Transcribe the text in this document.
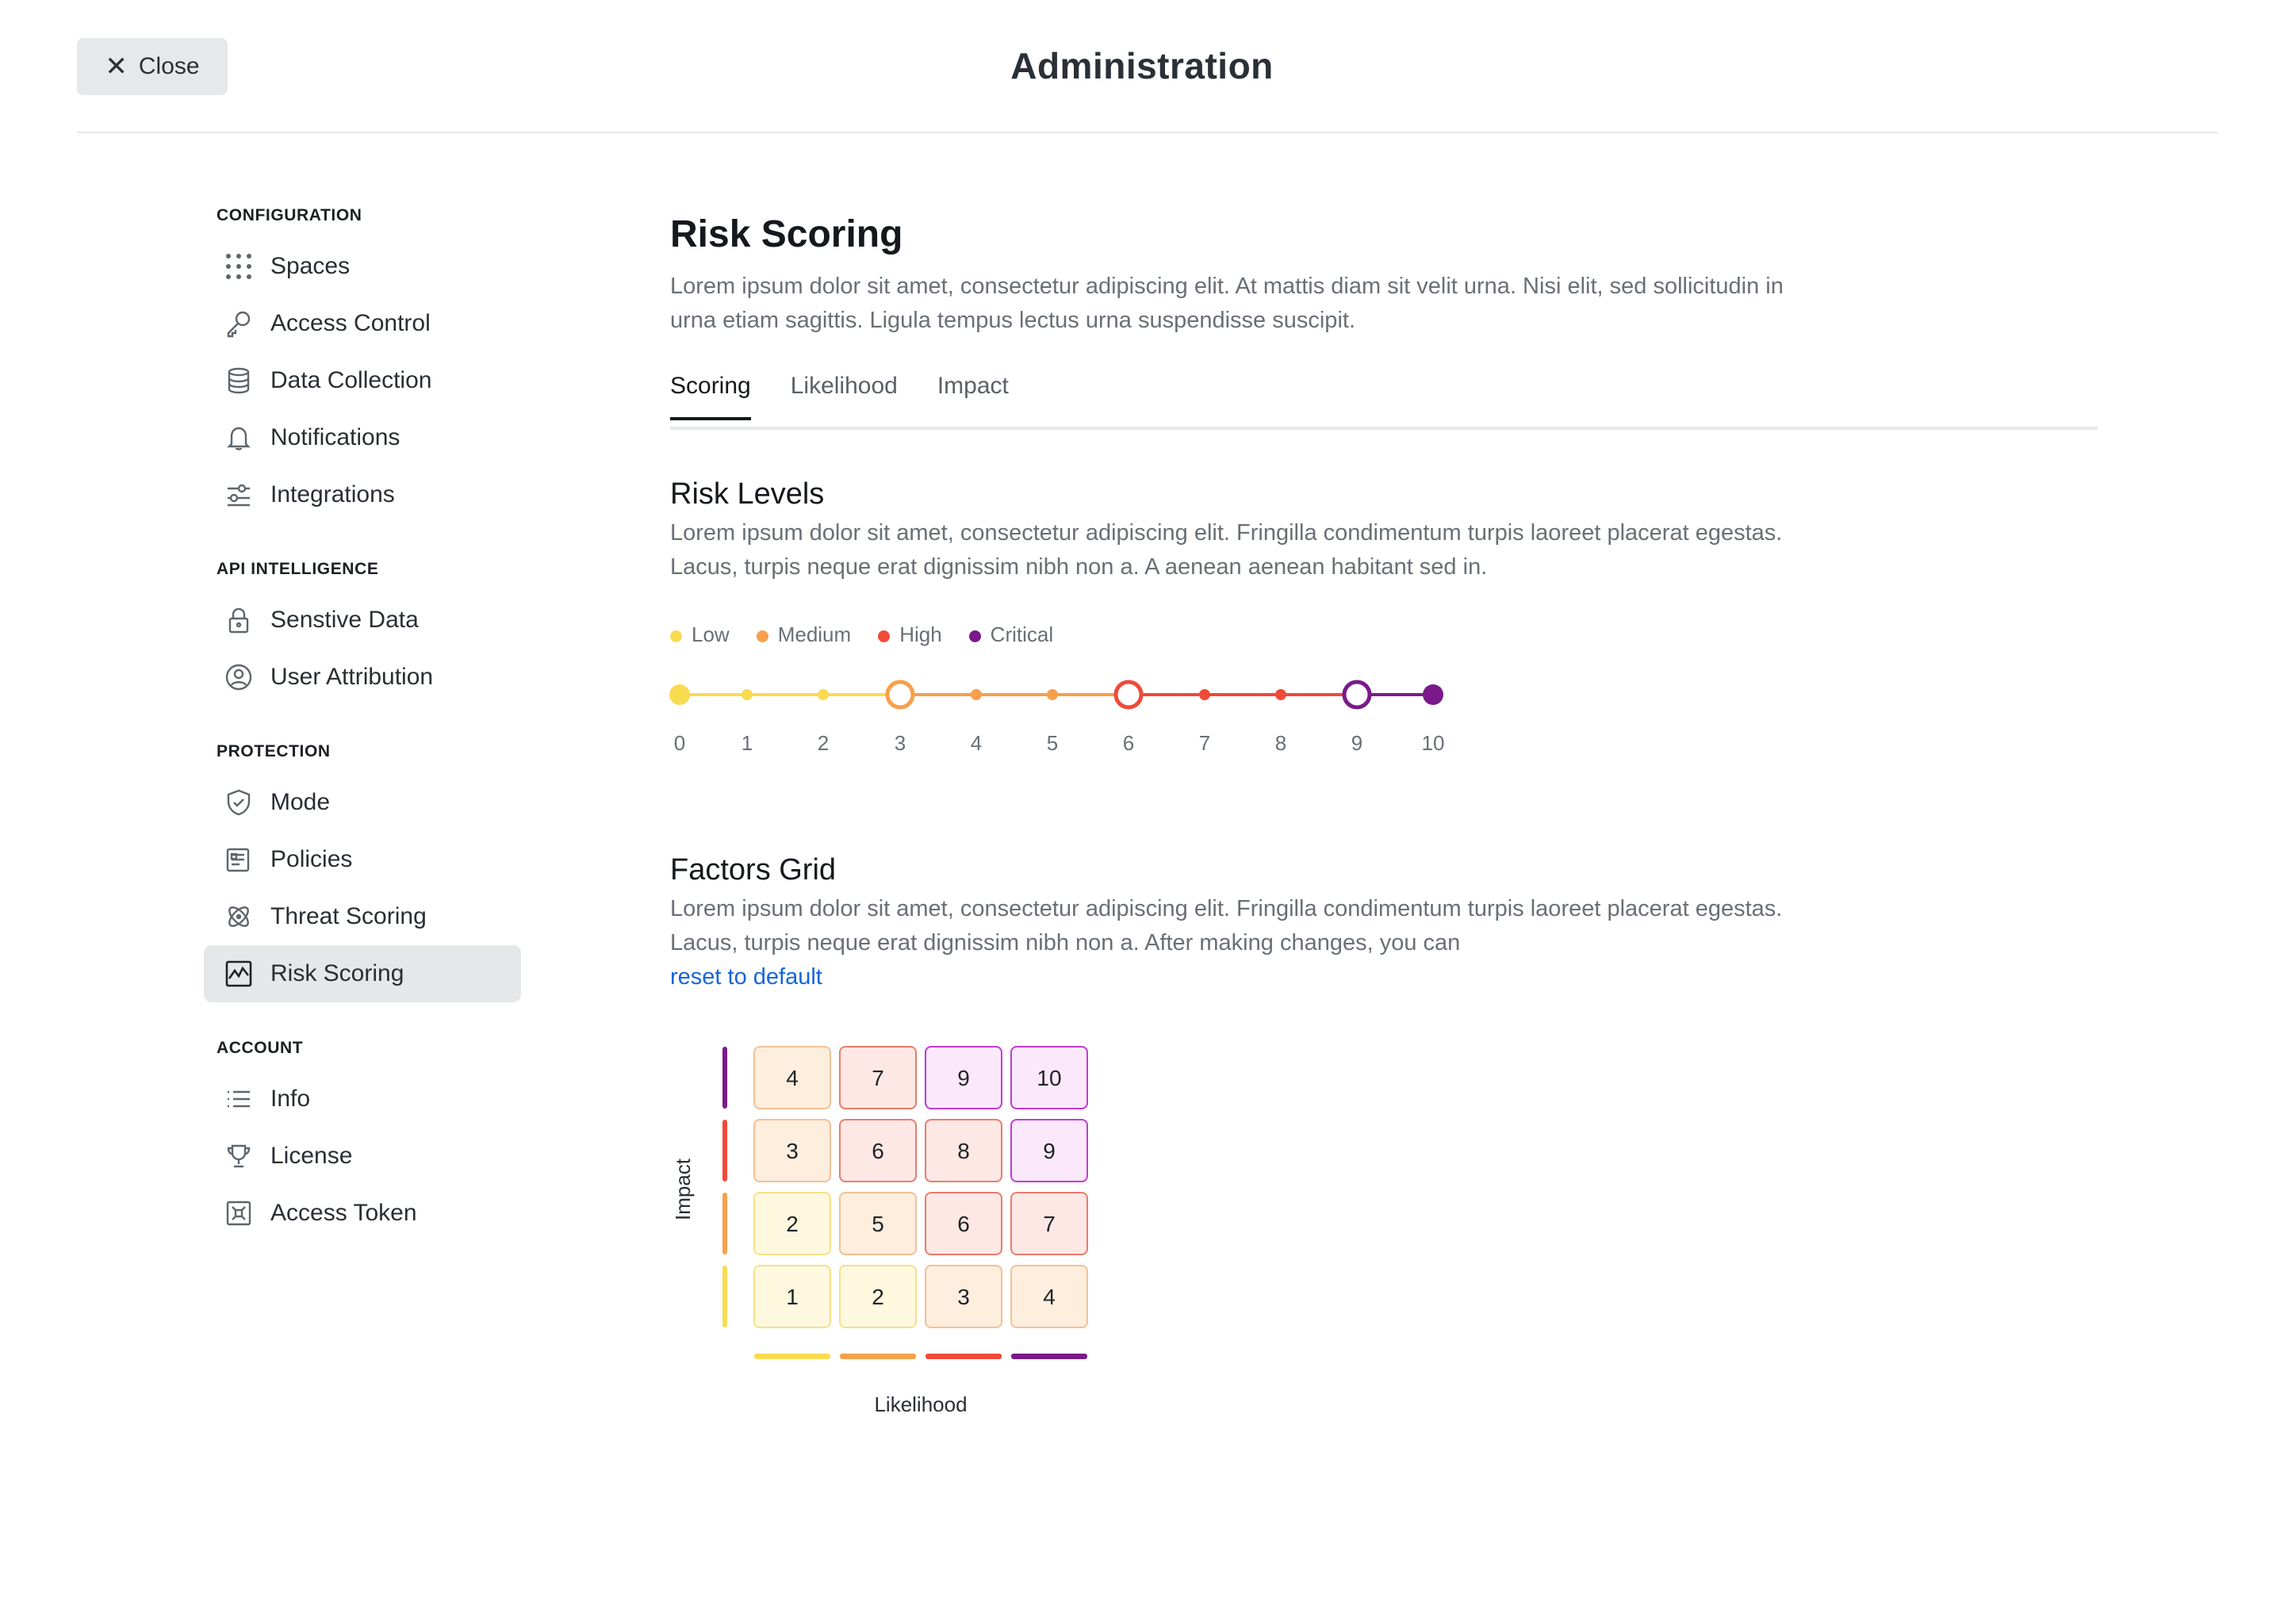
✕ Close	Administration
CONFIGURATION
Spaces
Access Control
Data Collection
Notifications
Integrations
API INTELLIGENCE
Senstive Data
User Attribution
PROTECTION
Mode
Policies
Threat Scoring
Risk Scoring
ACCOUNT
Info
License
Access Token
Risk Scoring
Lorem ipsum dolor sit amet, consectetur adipiscing elit. At mattis diam sit velit urna. Nisi elit, sed sollicitudin in urna etiam sagittis. Ligula tempus lectus urna suspendisse suscipit.
Scoring Likelihood Impact
Risk Levels
Lorem ipsum dolor sit amet, consectetur adipiscing elit. Fringilla condimentum turpis laoreet placerat egestas. Lacus, turpis neque erat dignissim nibh non a. A aenean aenean habitant sed in.
Low	Medium	High	Critical
0	1	2	3	4	5	6	7	8	9	10
Factors Grid
Lorem ipsum dolor sit amet, consectetur adipiscing elit. Fringilla condimentum turpis laoreet placerat egestas. Lacus, turpis neque erat dignissim nibh non a. After making changes, you can
reset to default
Impact
Likelihood
4	7	9	10
3	6	8	9
2	5	6	7
1	2	3	4
